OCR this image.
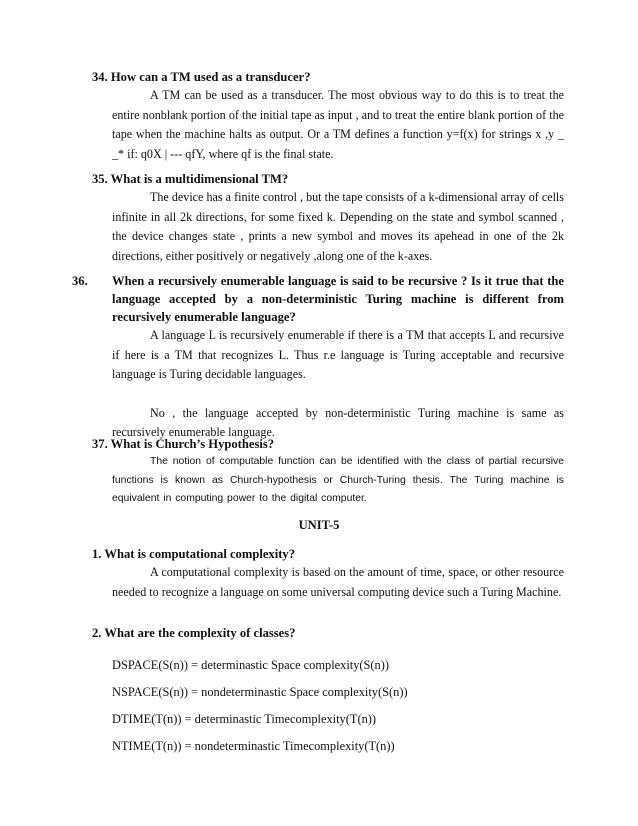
34. How can a TM used as a transducer?

A TM can be used as a transducer. The most obvious way to do this is to treat the entire nonblank portion of the initial tape as input , and to treat the entire blank portion of the tape when the machine halts as output. Or a TM defines a function y=f(x) for strings x ,y _ _* if: q0X | --- qfY, where qf is the final state.

35. What is a multidimensional TM?

The device has a finite control , but the tape consists of a k-dimensional array of cells infinite in all 2k directions, for some fixed k. Depending on the state and symbol scanned , the device changes state , prints a new symbol and moves its apehead in one of the 2k directions, either positively or negatively ,along one of the k-axes.

36. When a recursively enumerable language is said to be recursive ? Is it true that the language accepted by a non-deterministic Turing machine is different from recursively enumerable language?

A language L is recursively enumerable if there is a TM that accepts L and recursive if here is a TM that recognizes L. Thus r.e language is Turing acceptable and recursive language is Turing decidable languages.

No , the language accepted by non-deterministic Turing machine is same as recursively enumerable language.

37. What is Church’s Hypothesis?

The notion of computable function can be identified with the class of partial recursive functions is known as Church-hypothesis or Church-Turing thesis. The Turing machine is equivalent in computing power to the digital computer.

UNIT-5

1. What is computational complexity?

A computational complexity is based on the amount of time, space, or other resource needed to recognize a language on some universal computing device such a Turing Machine.

2. What are the complexity of classes?

DSPACE(S(n)) = determinastic Space complexity(S(n))
NSPACE(S(n)) = nondeterminastic Space complexity(S(n))
DTIME(T(n)) = determinastic Timecomplexity(T(n))
NTIME(T(n)) = nondeterminastic Timecomplexity(T(n))
